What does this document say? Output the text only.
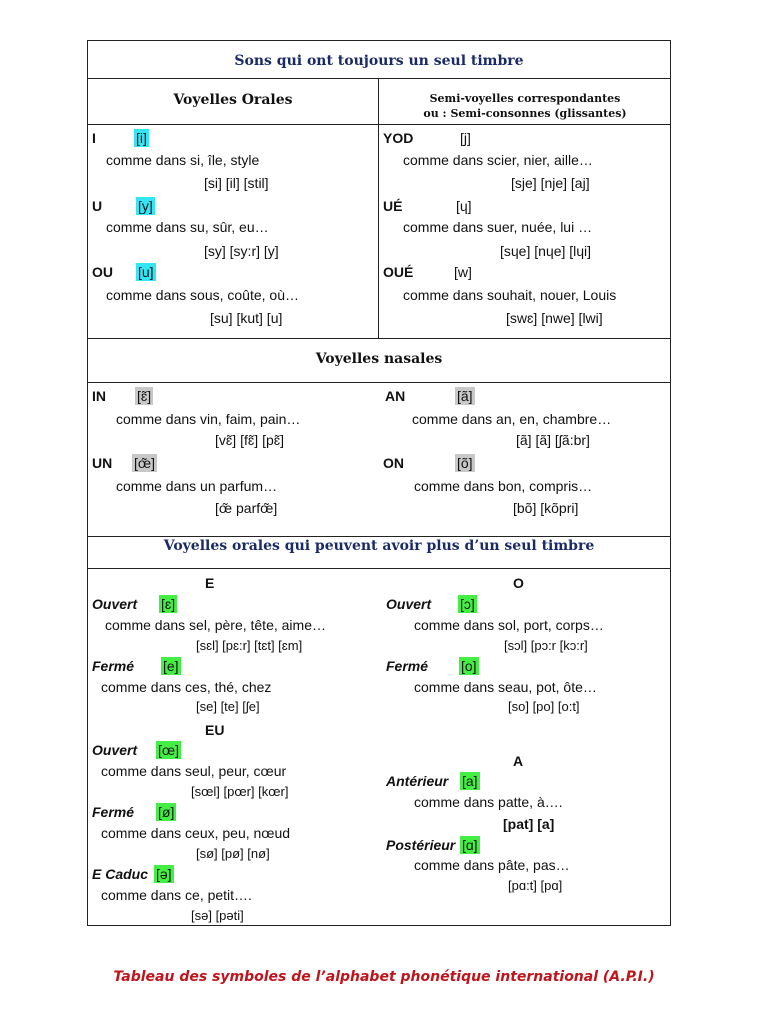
Sons qui ont toujours un seul timbre
Voyelles Orales	Semi-voyelles correspondantes
ou : Semi-consonnes (glissantes)
Voyelles nasales
Voyelles orales qui peuvent avoir plus d’un seul timbre
I	[i]
comme dans si, île, style
[si] [il] [stil]
U	[y]
comme dans su, sûr, eu…
[sy] [sy:r] [y]
OU [u]
comme dans sous, coûte, où…
[su] [kut] [u]
YOD	[j]
comme dans scier, nier, aille…
[sje] [nje] [aj]
UÉ	[ɥ]
comme dans suer, nuée, lui …
[sɥe] [nɥe] [lɥi]
OUÉ	[w]
comme dans souhait, nouer, Louis
[swɛ] [nwe] [lwi]
IN [ɛ̃]
comme dans vin, faim, pain…
[vɛ̃] [fɛ̃] [pɛ̃]
UN [œ̃]
comme dans un parfum…
[œ̃ parfœ̃]
AN	[ã]
comme dans an, en, chambre…
[ã] [ã] [ʃã:br]
ON	[õ]
comme dans bon, compris…
[bõ] [kõpri]
E
Ouvert [ɛ]
comme dans sel, père, tête, aime…
[sɛl] [pɛ:r] [tɛt] [ɛm]
Fermé [e]
comme dans ces, thé, chez
[se] [te] [ʃe]
EU
Ouvert [œ]
comme dans seul, peur, cœur
[sœl] [pœr] [kœr]
Fermé [ø]
comme dans ceux, peu, nœud
[sø] [pø] [nø]
E Caduc [ə]
comme dans ce, petit….
[sə] [pəti]
O
Ouvert [ɔ]
comme dans sol, port, corps…
[sɔl] [pɔ:r [kɔ:r]
Fermé [o]
comme dans seau, pot, ôte…
[so] [po] [o:t]
A
Antérieur [a]
comme dans patte, à….
[pat] [a]
Postérieur [ɑ]
comme dans pâte, pas…
[pɑ:t] [pɑ]
Tableau des symboles de l’alphabet phonétique international (A.P.I.)
